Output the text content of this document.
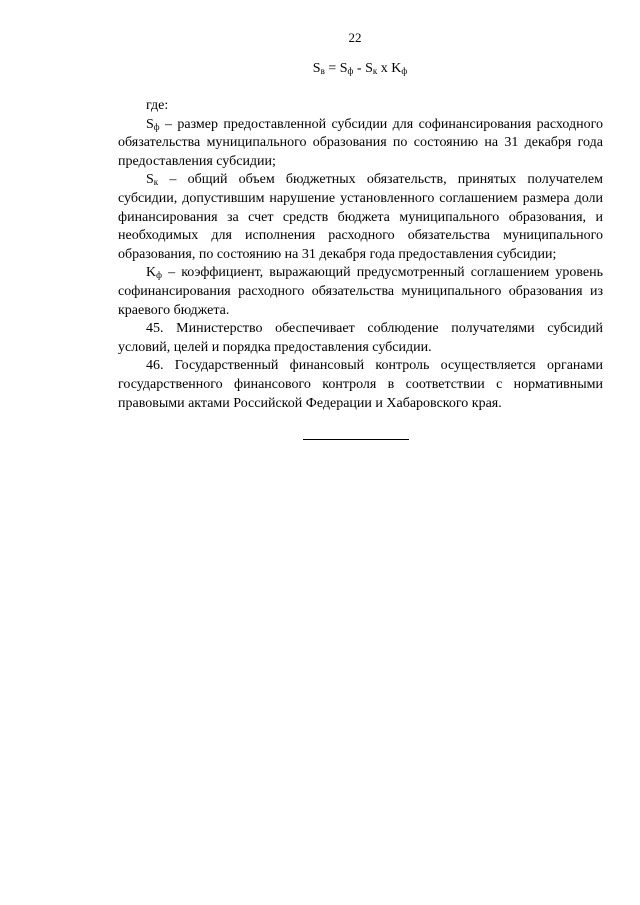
22
$S_в = S_ф - S_к$ x $K_ф$

где:

$S_ф$ – размер предоставленной субсидии для софинансирования расходного обязательства муниципального образования по состоянию на 31 декабря года предоставления субсидии;

$S_к$ – общий объем бюджетных обязательств, принятых получателем субсидии, допустившим нарушение установленного соглашением размера доли финансирования за счет средств бюджета муниципального образования, и необходимых для исполнения расходного обязательства муниципального образования, по состоянию на 31 декабря года предоставления субсидии;

$K_ф$ – коэффициент, выражающий предусмотренный соглашением уровень софинансирования расходного обязательства муниципального образования из краевого бюджета.

45. Министерство обеспечивает соблюдение получателями субсидий условий, целей и порядка предоставления субсидии.

46. Государственный финансовый контроль осуществляется органами государственного финансового контроля в соответствии с нормативными правовыми актами Российской Федерации и Хабаровского края.
